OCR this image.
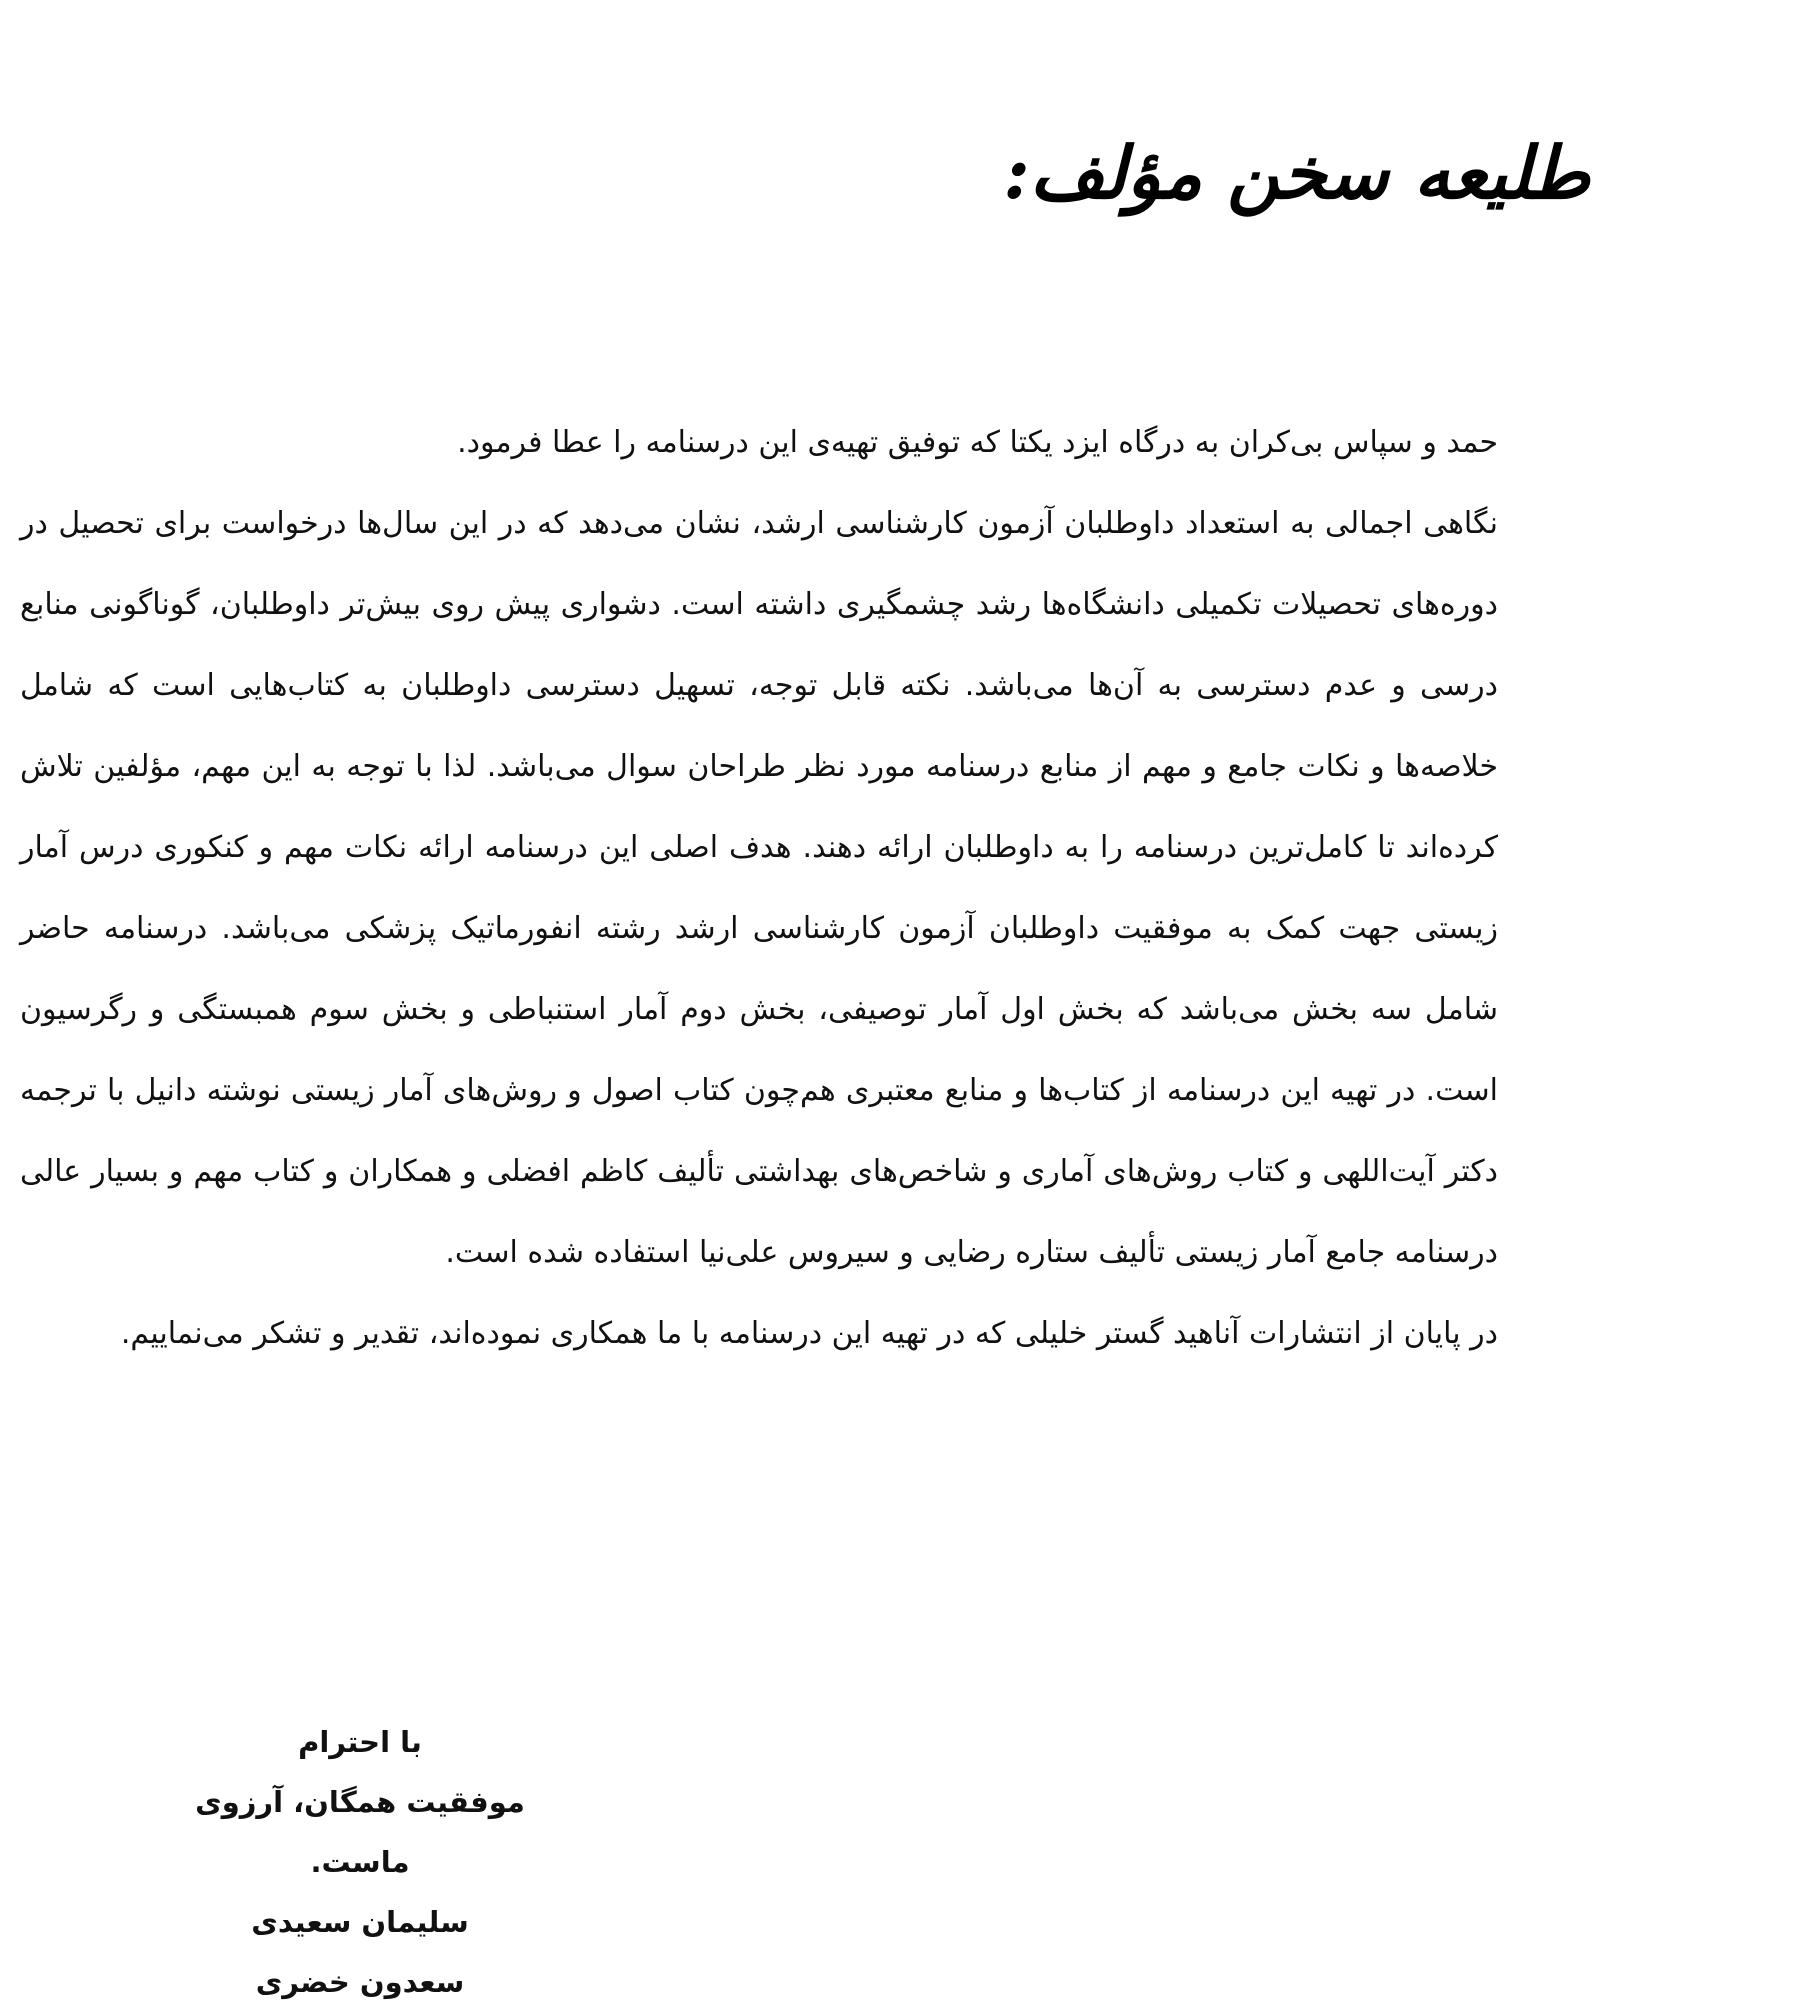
طلیعه سخن مؤلف:

حمد و سپاس بی‌کران به درگاه ایزد یکتا که توفیق تهیه‌ی این درسنامه را عطا فرمود.

نگاهی اجمالی به استعداد داوطلبان آزمون کارشناسی ارشد، نشان می‌دهد که در این سال‌ها درخواست برای تحصیل در دوره‌های تحصیلات تکمیلی دانشگاه‌ها رشد چشمگیری داشته است. دشواری پیش روی بیش‌تر داوطلبان، گوناگونی منابع درسی و عدم دسترسی به آن‌ها می‌باشد. نکته قابل توجه، تسهیل دسترسی داوطلبان به کتاب‌هایی است که شامل خلاصه‌ها و نکات جامع و مهم از منابع درسنامه مورد نظر طراحان سوال می‌باشد. لذا با توجه به این مهم، مؤلفین تلاش کرده‌اند تا کامل‌ترین درسنامه را به داوطلبان ارائه دهند. هدف اصلی این درسنامه ارائه نکات مهم و کنکوری درس آمار زیستی جهت کمک به موفقیت داوطلبان آزمون کارشناسی ارشد رشته انفورماتیک پزشکی می‌باشد. درسنامه حاضر شامل سه بخش می‌باشد که بخش اول آمار توصیفی، بخش دوم آمار استنباطی و بخش سوم همبستگی و رگرسیون است. در تهیه این درسنامه از کتاب‌ها و منابع معتبری هم‌چون کتاب اصول و روش‌های آمار زیستی نوشته دانیل با ترجمه دکتر آیت‌اللهی و کتاب روش‌های آماری و شاخص‌های بهداشتی تألیف کاظم افضلی و همکاران و کتاب مهم و بسیار عالی درسنامه جامع آمار زیستی تألیف ستاره رضایی و سیروس علی‌نیا استفاده شده است.

در پایان از انتشارات آناهید گستر خلیلی که در تهیه این درسنامه با ما همکاری نموده‌اند، تقدیر و تشکر می‌نماییم.

با احترام

موفقیت همگان، آرزوی ماست.

سلیمان سعیدی

سعدون خضری
